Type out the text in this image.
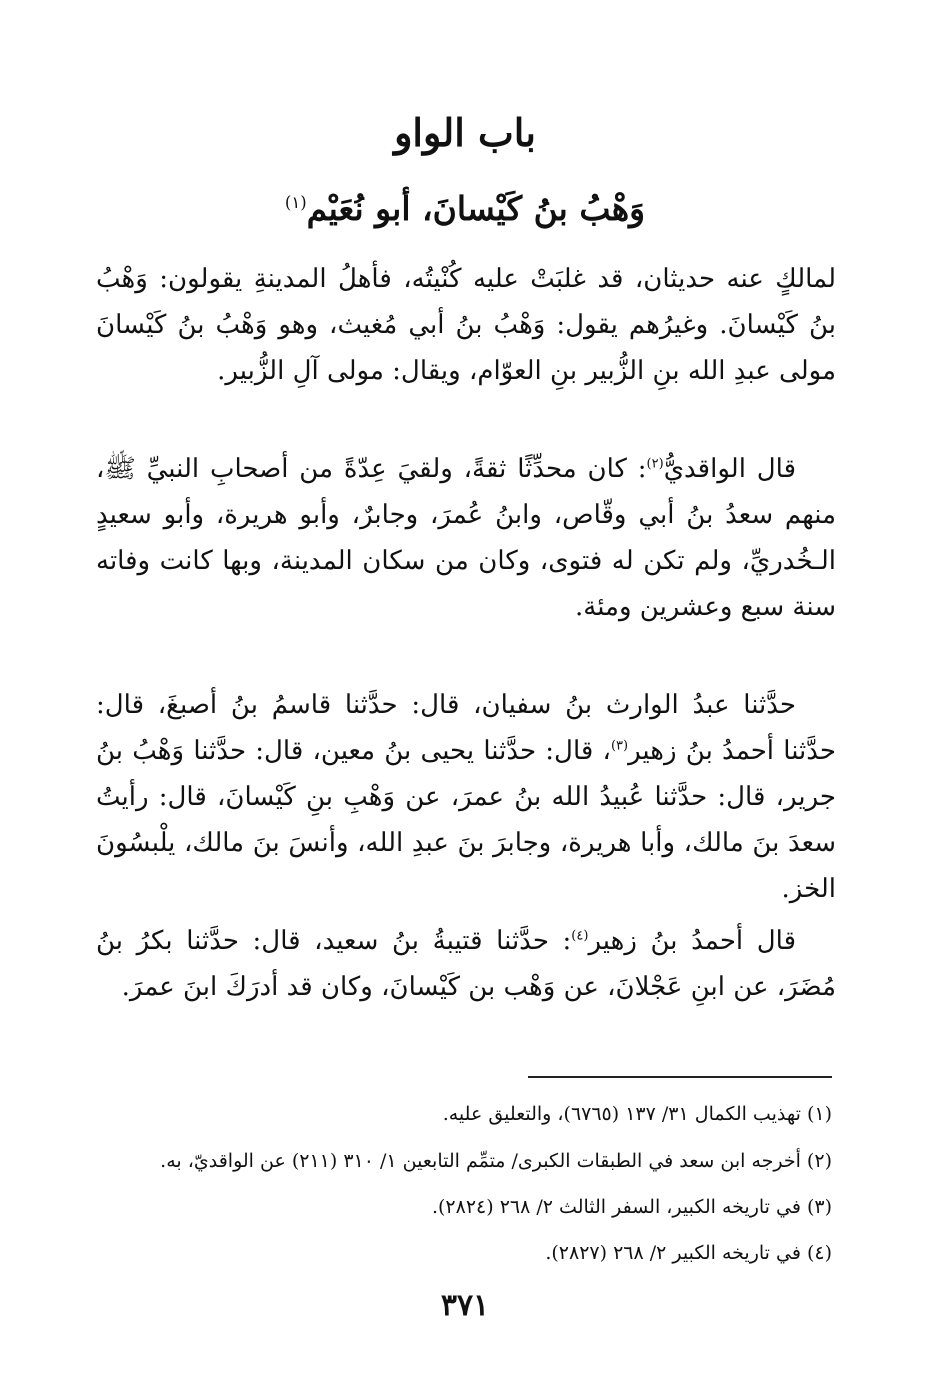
باب الواو
وَهْبُ بنُ كَيْسانَ، أبو نُعَيْم$^{(١)}$

لمالكٍ عنه حديثان، قد غلبَتْ عليه كُنْيتُه، فأهلُ المدينةِ يقولون: وَهْبُ بنُ كَيْسانَ. وغيرُهم يقول: وَهْبُ بنُ أبي مُغيث، وهو وَهْبُ بنُ كَيْسانَ مولى عبدِ الله بنِ الزُّبير بنِ العوّام، ويقال: مولى آلِ الزُّبير.

قال الواقديُّ$^{(٢)}$: كان محدِّثًا ثقةً، ولقيَ عِدّةً من أصحابِ النبيِّ ﷺ، منهم سعدُ بنُ أبي وقّاص، وابنُ عُمرَ، وجابرٌ، وأبو هريرة، وأبو سعيدٍ الـخُدريِّ، ولم تكن له فتوى، وكان من سكان المدينة، وبها كانت وفاته سنة سبع وعشرين ومئة.

حدَّثنا عبدُ الوارث بنُ سفيان، قال: حدَّثنا قاسمُ بنُ أصبغَ، قال: حدَّثنا أحمدُ بنُ زهير$^{(٣)}$، قال: حدَّثنا يحيى بنُ معين، قال: حدَّثنا وَهْبُ بنُ جرير، قال: حدَّثنا عُبيدُ الله بنُ عمرَ، عن وَهْبِ بنِ كَيْسانَ، قال: رأيتُ سعدَ بنَ مالك، وأبا هريرة، وجابرَ بنَ عبدِ الله، وأنسَ بنَ مالك، يلْبسُونَ الخز.

قال أحمدُ بنُ زهير$^{(٤)}$: حدَّثنا قتيبةُ بنُ سعيد، قال: حدَّثنا بكرُ بنُ مُضَرَ، عن ابنِ عَجْلانَ، عن وَهْب بن كَيْسانَ، وكان قد أدرَكَ ابنَ عمرَ.

(١) تهذيب الكمال ٣١/ ١٣٧ (٦٧٦٥)، والتعليق عليه.
(٢) أخرجه ابن سعد في الطبقات الكبرى/ متمِّم التابعين ١/ ٣١٠ (٢١١) عن الواقديّ، به.
(٣) في تاريخه الكبير، السفر الثالث ٢/ ٢٦٨ (٢٨٢٤).
(٤) في تاريخه الكبير ٢/ ٢٦٨ (٢٨٢٧).
٣٧١
